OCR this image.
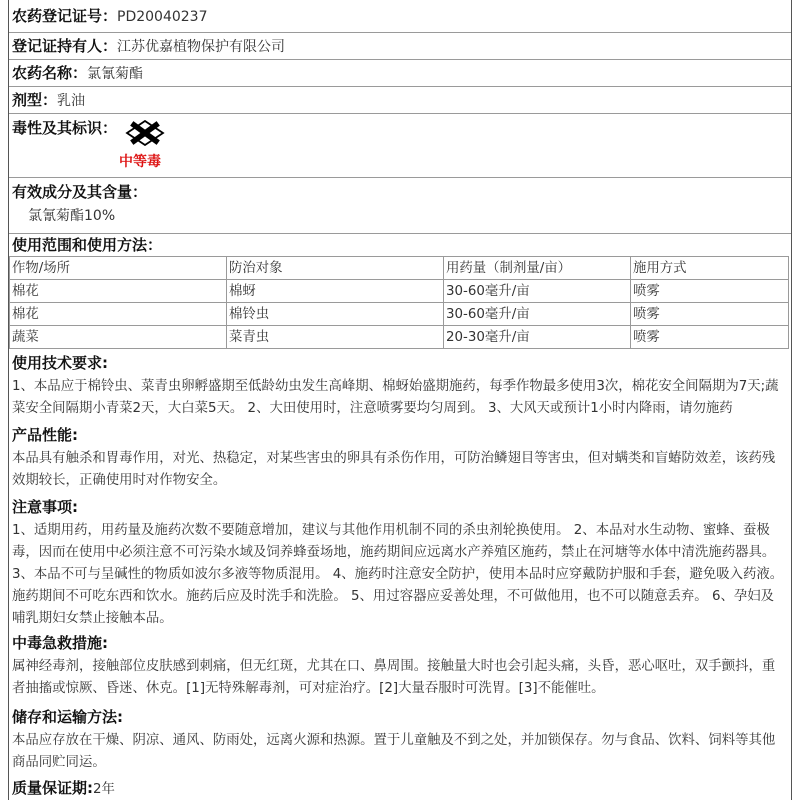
农药登记证号：PD20040237
登记证持有人：江苏优嘉植物保护有限公司
农药名称：氯氰菊酯
剂型：乳油
毒性及其标识：
中等毒
有效成分及其含量：
氯氰菊酯10%
使用范围和使用方法：
作物/场所	防治对象	用药量（制剂量/亩）	施用方式
棉花	棉蚜	30-60毫升/亩	喷雾
棉花	棉铃虫	30-60毫升/亩	喷雾
蔬菜	菜青虫	20-30毫升/亩	喷雾
使用技术要求:
1、本品应于棉铃虫、菜青虫卵孵盛期至低龄幼虫发生高峰期、棉蚜始盛期施药，每季作物最多使用3次，棉花安全间隔期为7天;蔬菜安全间隔期小青菜2天，大白菜5天。 2、大田使用时，注意喷雾要均匀周到。 3、大风天或预计1小时内降雨，请勿施药
产品性能:
本品具有触杀和胃毒作用，对光、热稳定，对某些害虫的卵具有杀伤作用，可防治鳞翅目等害虫，但对螨类和盲蝽防效差，该药残效期较长，正确使用时对作物安全。
注意事项:
1、适期用药，用药量及施药次数不要随意增加，建议与其他作用机制不同的杀虫剂轮换使用。 2、本品对水生动物、蜜蜂、蚕极毒，因而在使用中必须注意不可污染水域及饲养蜂蚕场地，施药期间应远离水产养殖区施药，禁止在河塘等水体中清洗施药器具。 3、本品不可与呈碱性的物质如波尔多液等物质混用。 4、施药时注意安全防护，使用本品时应穿戴防护服和手套，避免吸入药液。施药期间不可吃东西和饮水。施药后应及时洗手和洗脸。 5、用过容器应妥善处理，不可做他用，也不可以随意丢弃。 6、孕妇及哺乳期妇女禁止接触本品。
中毒急救措施:
属神经毒剂，接触部位皮肤感到刺痛，但无红斑，尤其在口、鼻周围。接触量大时也会引起头痛，头昏，恶心呕吐，双手颤抖，重者抽搐或惊厥、昏迷、休克。[1]无特殊解毒剂，可对症治疗。[2]大量吞服时可洗胃。[3]不能催吐。
储存和运输方法:
本品应存放在干燥、阴凉、通风、防雨处，远离火源和热源。置于儿童触及不到之处，并加锁保存。勿与食品、饮料、饲料等其他商品同贮同运。
质量保证期:2年
